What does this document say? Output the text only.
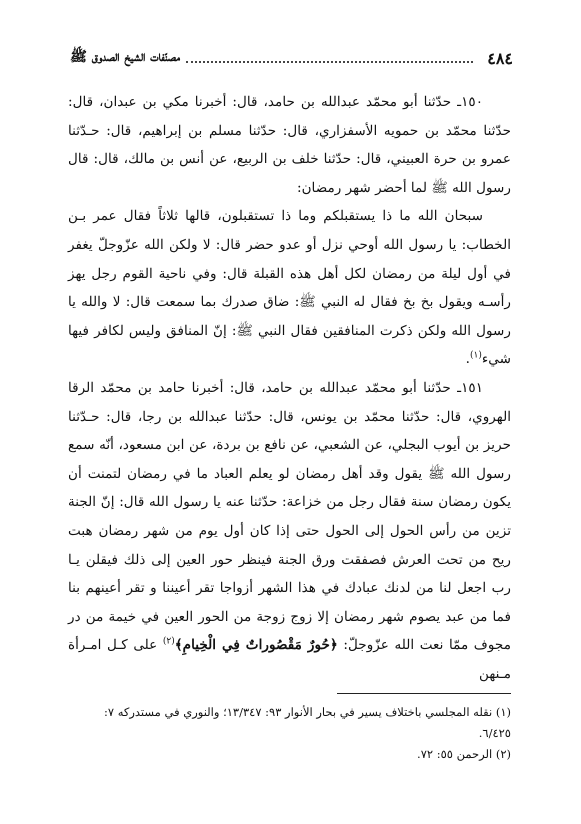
٤٨٤
مصنّفات الشيخ الصدوق ﷺ

١٥٠ـ حدّثنا أبو محمّد عبدالله بن حامد، قال: أخبرنا مكي بن عبدان، قال: حدّثنا محمّد بن حمويه الأسفزاري، قال: حدّثنا مسلم بن إبراهيم، قال: حـدّثنا عمرو بن حرة العبيني، قال: حدّثنا خلف بن الربيع، عن أنس بن مالك، قال: قال رسول الله ﷺ لما أحضر شهر رمضان:

سبحان الله ما ذا يستقبلكم وما ذا تستقبلون، قالها ثلاثاً فقال عمر بـن الخطاب: يا رسول الله أوحي نزل أو عدو حضر قال: لا ولكن الله عزّوجلّ يغفر في أول ليلة من رمضان لكل أهل هذه القبلة قال: وفي ناحية القوم رجل يهز رأسـه ويقول بخ بخ فقال له النبي ﷺ: ضاق صدرك بما سمعت قال: لا والله يا رسول الله ولكن ذكرت المنافقين فقال النبي ﷺ: إنّ المنافق وليس لكافر فيها شيء$^{(١)}$.

١٥١ـ حدّثنا أبو محمّد عبدالله بن حامد، قال: أخبرنا حامد بن محمّد الرقا الهروي، قال: حدّثنا محمّد بن يونس، قال: حدّثنا عبدالله بن رجا، قال: حـدّثنا حريز بن أيوب البجلي، عن الشعبي، عن نافع بن بردة، عن ابن مسعود، أنّه سمع رسول الله ﷺ يقول وقد أهل رمضان لو يعلم العباد ما في رمضان لتمنت أن يكون رمضان سنة فقال رجل من خزاعة: حدّثنا عنه يا رسول الله قال: إنّ الجنة تزين من رأس الحول إلى الحول حتى إذا كان أول يوم من شهر رمضان هبت ريح من تحت العرش فصفقت ورق الجنة فينظر حور العين إلى ذلك فيقلن يـا رب اجعل لنا من لدنك عبادك في هذا الشهر أزواجا تقر أعيننا و تقر أعينهم بنا فما من عبد يصوم شهر رمضان إلا زوج زوجة من الحور العين في خيمة من در مجوف ممّا نعت الله عزّوجلّ: ﴿حُورٌ مَقْصُوراتٌ فِي الْخِيامِ﴾$^{(٢)}$ على كـل امـرأة مـنهن

(١) نقله المجلسي باختلاف يسير في بحار الأنوار ٩٣: ١٣/٣٤٧؛ والنوري في مستدركه ٧: ٦/٤٢٥.

(٢) الرحمن ٥٥: ٧٢.
